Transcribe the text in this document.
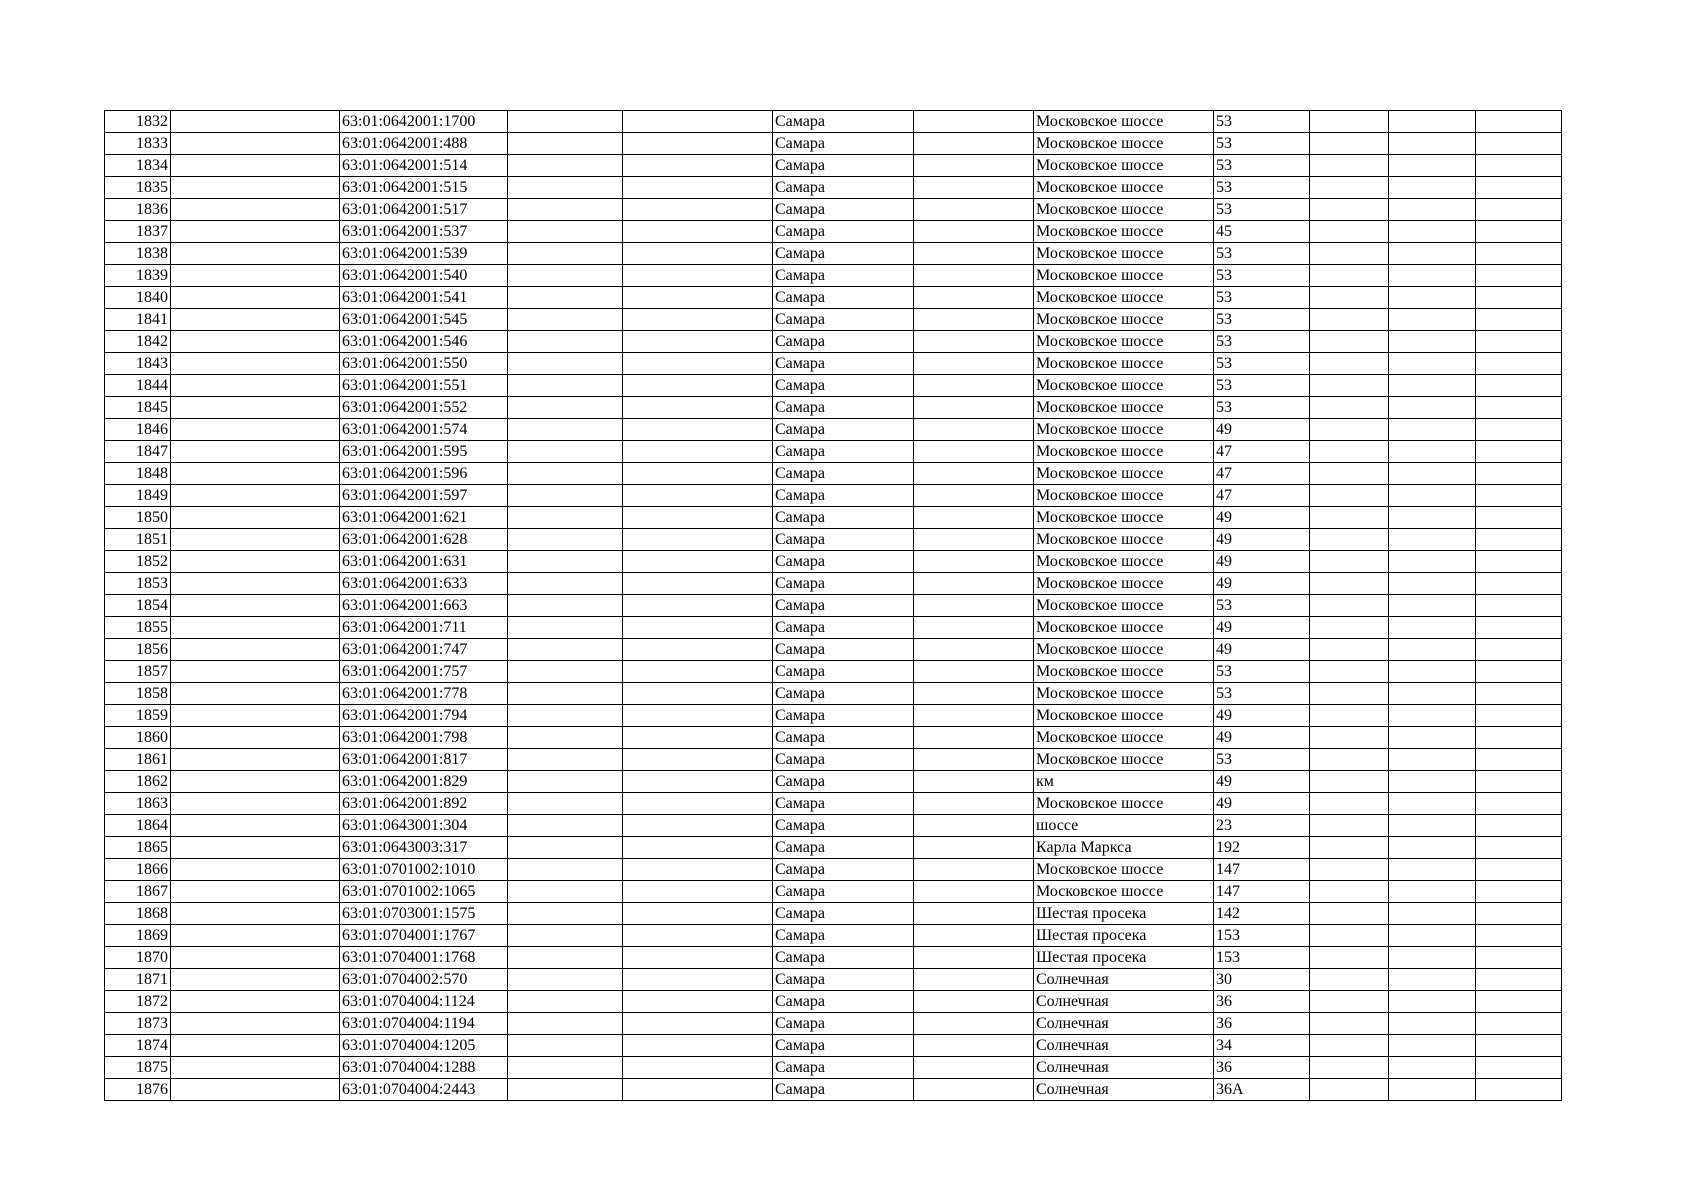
1832		63:01:0642001:1700			Самара		Московское шоссе	53			
1833		63:01:0642001:488			Самара		Московское шоссе	53			
1834		63:01:0642001:514			Самара		Московское шоссе	53			
1835		63:01:0642001:515			Самара		Московское шоссе	53			
1836		63:01:0642001:517			Самара		Московское шоссе	53			
1837		63:01:0642001:537			Самара		Московское шоссе	45			
1838		63:01:0642001:539			Самара		Московское шоссе	53			
1839		63:01:0642001:540			Самара		Московское шоссе	53			
1840		63:01:0642001:541			Самара		Московское шоссе	53			
1841		63:01:0642001:545			Самара		Московское шоссе	53			
1842		63:01:0642001:546			Самара		Московское шоссе	53			
1843		63:01:0642001:550			Самара		Московское шоссе	53			
1844		63:01:0642001:551			Самара		Московское шоссе	53			
1845		63:01:0642001:552			Самара		Московское шоссе	53			
1846		63:01:0642001:574			Самара		Московское шоссе	49			
1847		63:01:0642001:595			Самара		Московское шоссе	47			
1848		63:01:0642001:596			Самара		Московское шоссе	47			
1849		63:01:0642001:597			Самара		Московское шоссе	47			
1850		63:01:0642001:621			Самара		Московское шоссе	49			
1851		63:01:0642001:628			Самара		Московское шоссе	49			
1852		63:01:0642001:631			Самара		Московское шоссе	49			
1853		63:01:0642001:633			Самара		Московское шоссе	49			
1854		63:01:0642001:663			Самара		Московское шоссе	53			
1855		63:01:0642001:711			Самара		Московское шоссе	49			
1856		63:01:0642001:747			Самара		Московское шоссе	49			
1857		63:01:0642001:757			Самара		Московское шоссе	53			
1858		63:01:0642001:778			Самара		Московское шоссе	53			
1859		63:01:0642001:794			Самара		Московское шоссе	49			
1860		63:01:0642001:798			Самара		Московское шоссе	49			
1861		63:01:0642001:817			Самара		Московское шоссе	53			
1862		63:01:0642001:829			Самара		км	49			
1863		63:01:0642001:892			Самара		Московское шоссе	49			
1864		63:01:0643001:304			Самара		шоссе	23			
1865		63:01:0643003:317			Самара		Карла Маркса	192			
1866		63:01:0701002:1010			Самара		Московское шоссе	147			
1867		63:01:0701002:1065			Самара		Московское шоссе	147			
1868		63:01:0703001:1575			Самара		Шестая просека	142			
1869		63:01:0704001:1767			Самара		Шестая просека	153			
1870		63:01:0704001:1768			Самара		Шестая просека	153			
1871		63:01:0704002:570			Самара		Солнечная	30			
1872		63:01:0704004:1124			Самара		Солнечная	36			
1873		63:01:0704004:1194			Самара		Солнечная	36			
1874		63:01:0704004:1205			Самара		Солнечная	34			
1875		63:01:0704004:1288			Самара		Солнечная	36			
1876		63:01:0704004:2443			Самара		Солнечная	36А			
